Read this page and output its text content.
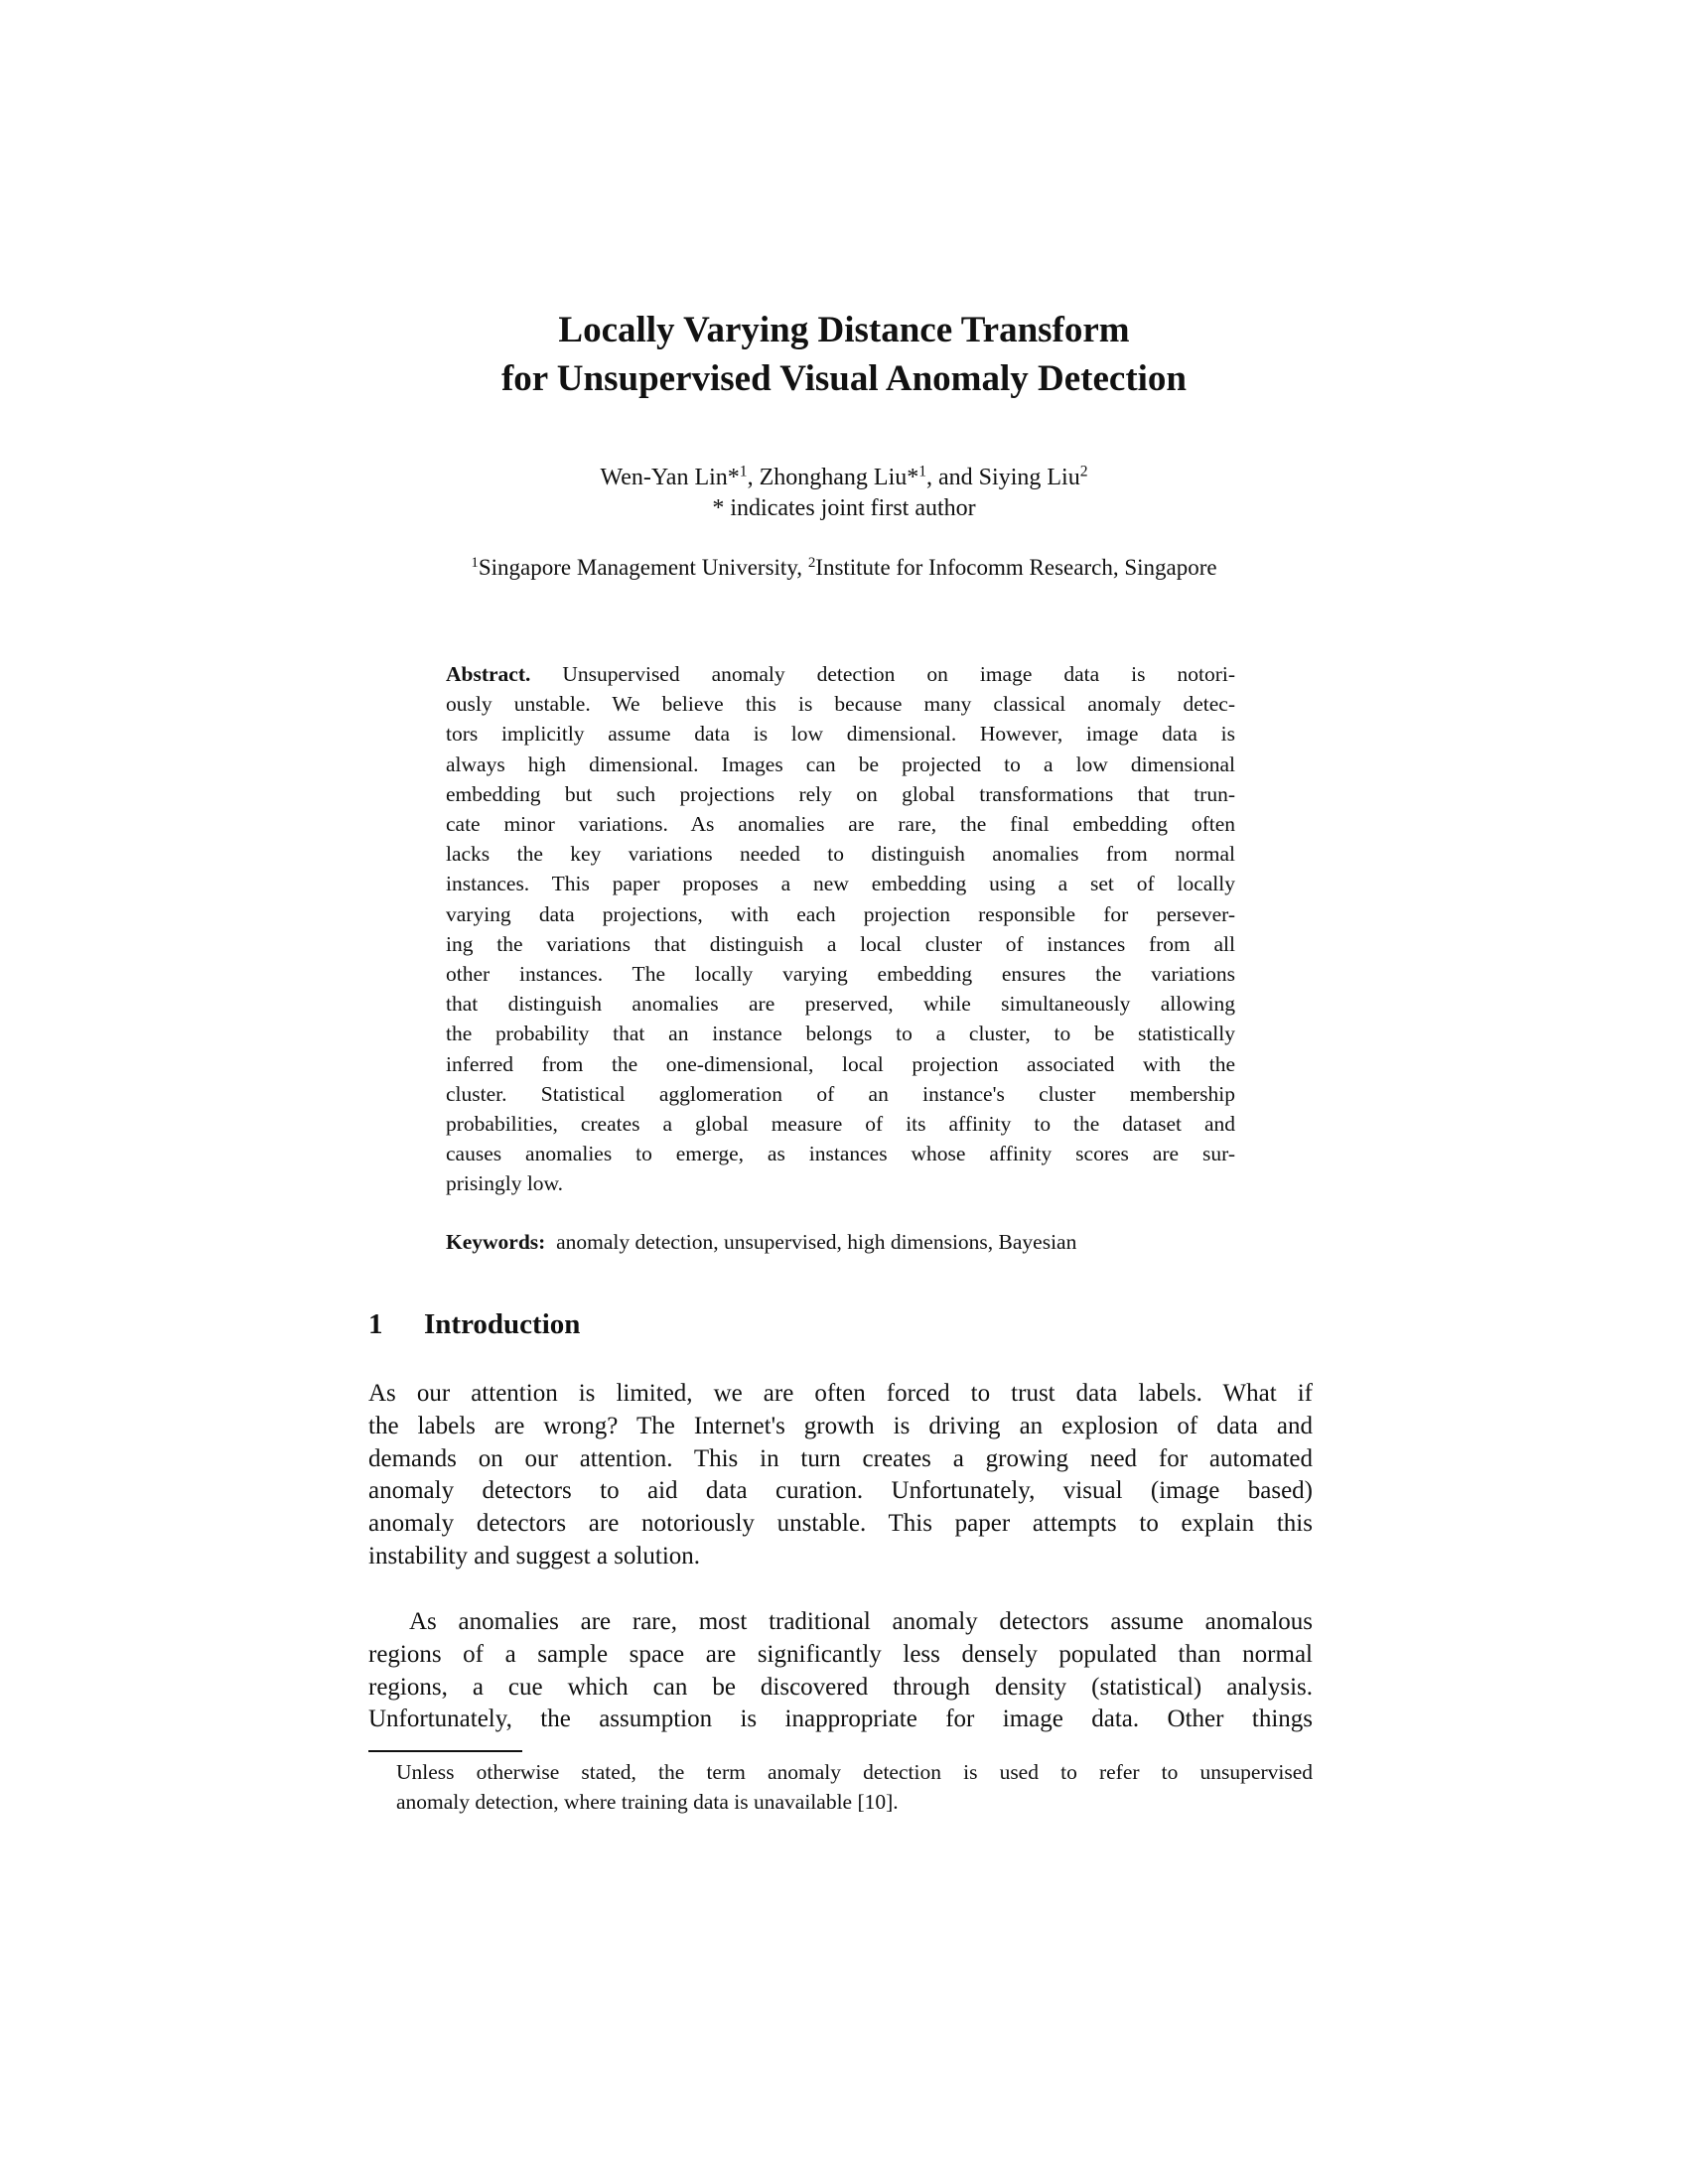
Locally Varying Distance Transform
for Unsupervised Visual Anomaly Detection
Wen-Yan Lin*$^1$, Zhonghang Liu*$^1$, and Siying Liu$^2$
* indicates joint first author
$^1$Singapore Management University, $^2$Institute for Infocomm Research, Singapore
Abstract. Unsupervised anomaly detection on image data is notori-
ously unstable. We believe this is because many classical anomaly detec-
tors implicitly assume data is low dimensional. However, image data is
always high dimensional. Images can be projected to a low dimensional
embedding but such projections rely on global transformations that trun-
cate minor variations. As anomalies are rare, the final embedding often
lacks the key variations needed to distinguish anomalies from normal
instances. This paper proposes a new embedding using a set of locally
varying data projections, with each projection responsible for persever-
ing the variations that distinguish a local cluster of instances from all
other instances. The locally varying embedding ensures the variations
that distinguish anomalies are preserved, while simultaneously allowing
the probability that an instance belongs to a cluster, to be statistically
inferred from the one-dimensional, local projection associated with the
cluster. Statistical agglomeration of an instance's cluster membership
probabilities, creates a global measure of its affinity to the dataset and
causes anomalies to emerge, as instances whose affinity scores are sur-
prisingly low.
Keywords: anomaly detection, unsupervised, high dimensions, Bayesian
1 Introduction
As our attention is limited, we are often forced to trust data labels. What if
the labels are wrong? The Internet's growth is driving an explosion of data and
demands on our attention. This in turn creates a growing need for automated
anomaly detectors to aid data curation. Unfortunately, visual (image based)
anomaly detectors are notoriously unstable. This paper attempts to explain this
instability and suggest a solution.
As anomalies are rare, most traditional anomaly detectors assume anomalous
regions of a sample space are significantly less densely populated than normal
regions, a cue which can be discovered through density (statistical) analysis.
Unfortunately, the assumption is inappropriate for image data. Other things
Unless otherwise stated, the term anomaly detection is used to refer to unsupervised
anomaly detection, where training data is unavailable [10].
